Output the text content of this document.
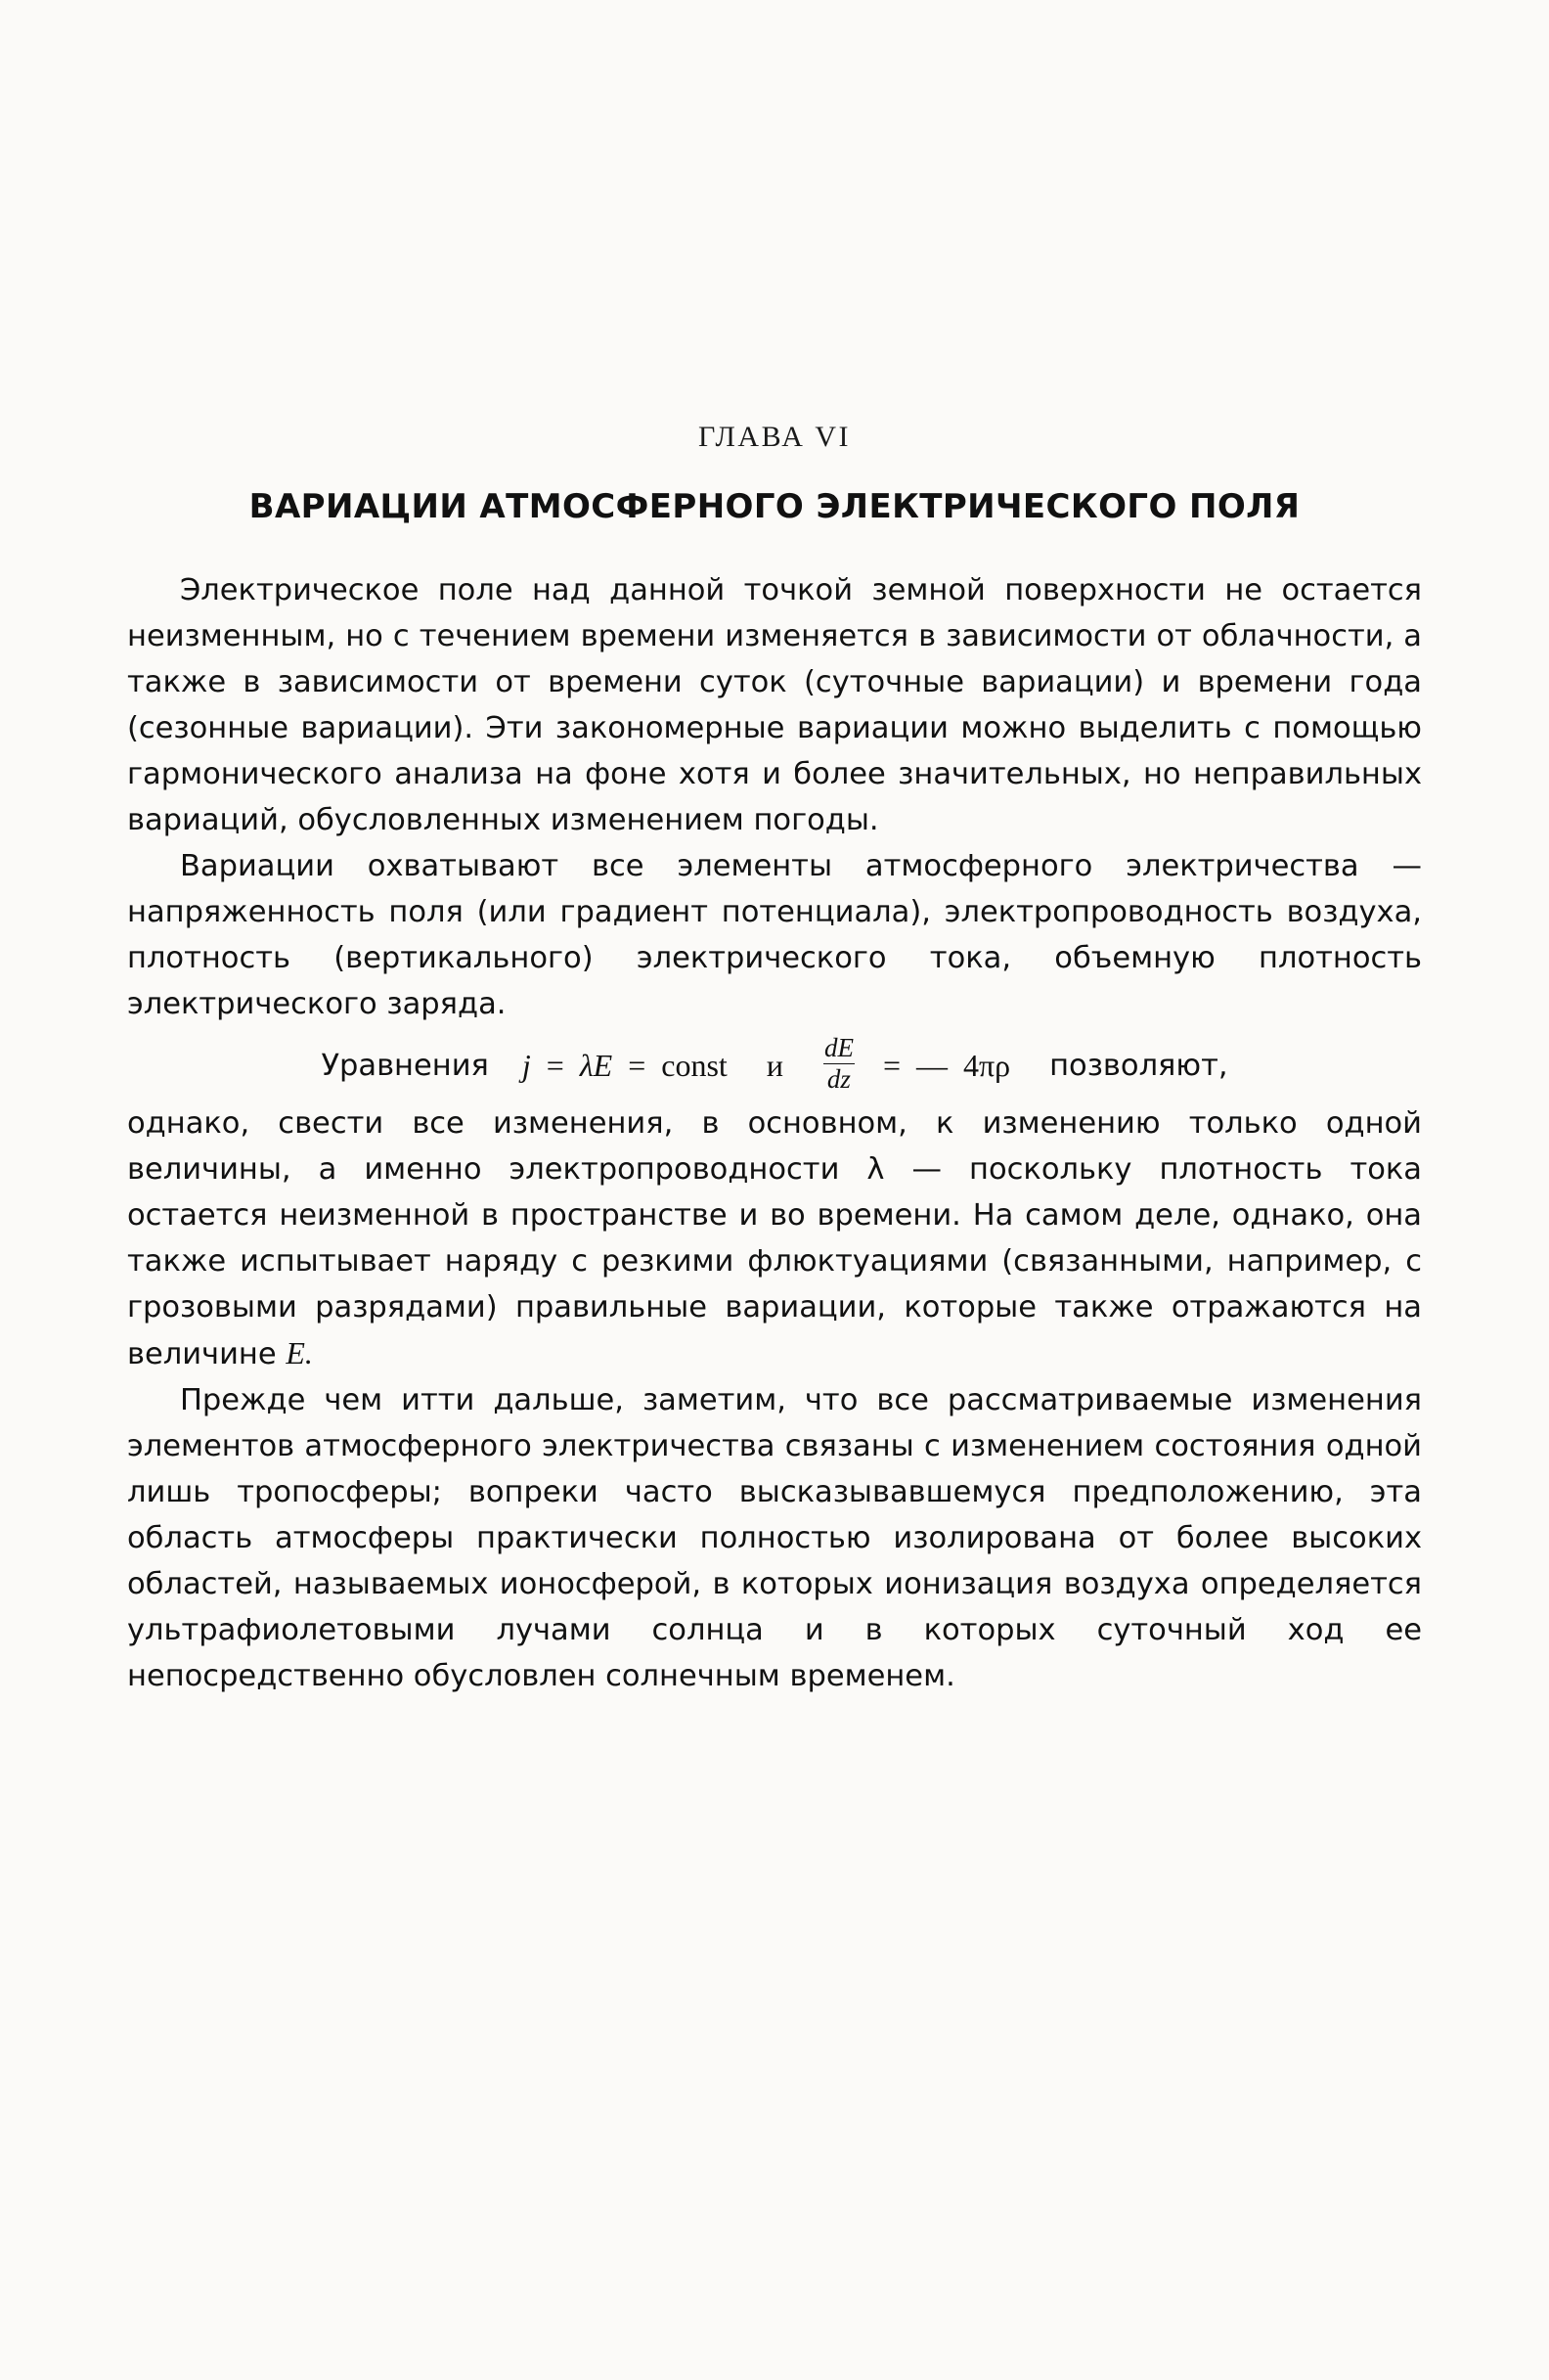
ГЛАВА VI
ВАРИАЦИИ АТМОСФЕРНОГО ЭЛЕКТРИЧЕСКОГО ПОЛЯ

Электрическое поле над данной точкой земной поверхности не остается неизменным, но с течением времени изменяется в зависимости от облачности, а также в зависимости от времени суток (суточные вариации) и времени года (сезонные вариации). Эти закономерные вариации можно выделить с помощью гармонического анализа на фоне хотя и более значительных, но неправильных вариаций, обусловленных изменением погоды.

Вариации охватывают все элементы атмосферного электричества — напряженность поля (или градиент потенциала), электропроводность воздуха, плотность (вертикального) электрического тока, объемную плотность электрического заряда.

Уравнения j = λE = const и $\frac{dE}{dz}$ = — 4πρ позволяют,

однако, свести все изменения, в основном, к изменению только одной величины, а именно электропроводности λ — поскольку плотность тока остается неизменной в пространстве и во времени. На самом деле, однако, она также испытывает наряду с резкими флюктуациями (связанными, например, с грозовыми разрядами) правильные вариации, которые также отражаются на величине E.

Прежде чем итти дальше, заметим, что все рассматриваемые изменения элементов атмосферного электричества связаны с изменением состояния одной лишь тропосферы; вопреки часто высказывавшемуся предположению, эта область атмосферы практически полностью изолирована от более высоких областей, называемых ионосферой, в которых ионизация воздуха определяется ультрафиолетовыми лучами солнца и в которых суточный ход ее непосредственно обусловлен солнечным временем.
